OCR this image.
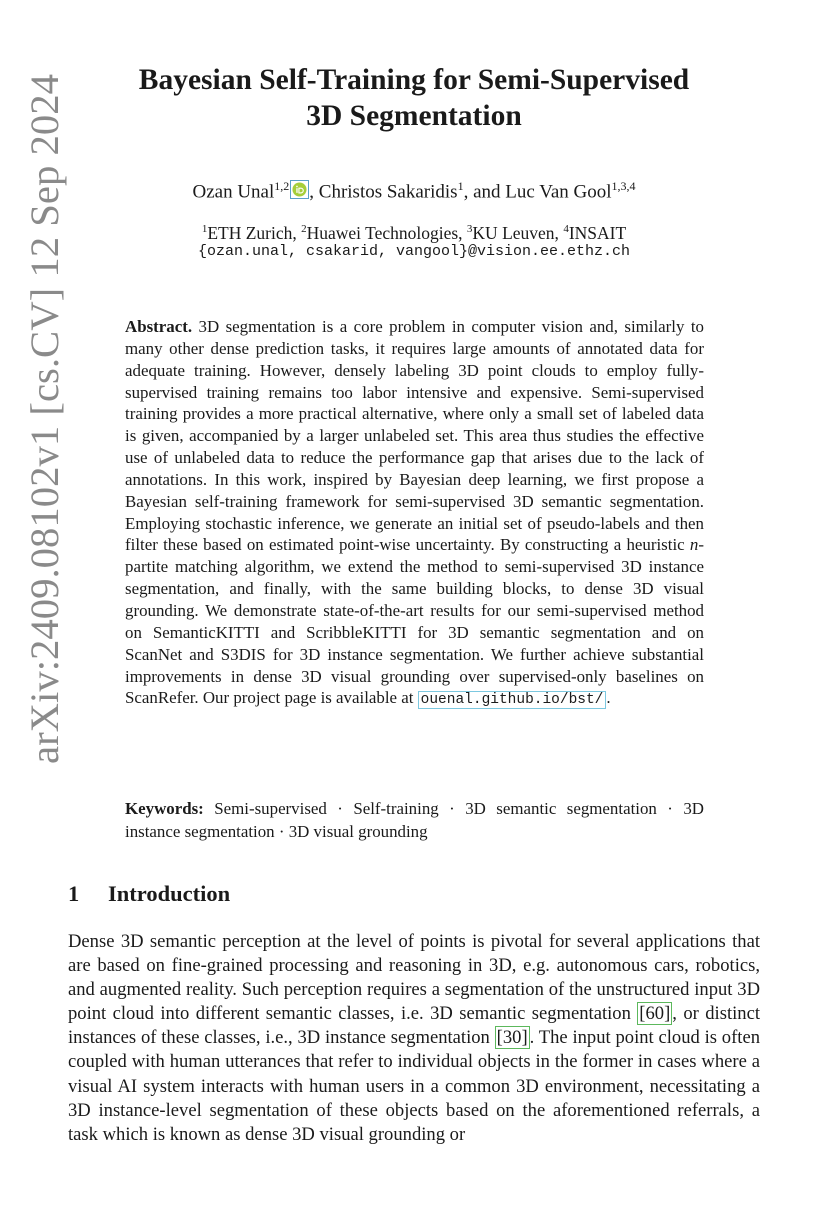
arXiv:2409.08102v1 [cs.CV] 12 Sep 2024
Bayesian Self-Training for Semi-Supervised
3D Segmentation
Ozan Unal$^{1,2}$ , Christos Sakaridis$^1$, and Luc Van Gool$^{1,3,4}$
$^1$ETH Zurich, $^2$Huawei Technologies, $^3$KU Leuven, $^4$INSAIT
{ozan.unal, csakarid, vangool}@vision.ee.ethz.ch

Abstract. 3D segmentation is a core problem in computer vision and, similarly to many other dense prediction tasks, it requires large amounts of annotated data for adequate training. However, densely labeling 3D point clouds to employ fully-supervised training remains too labor intensive and expensive. Semi-supervised training provides a more practical alternative, where only a small set of labeled data is given, accompanied by a larger unlabeled set. This area thus studies the effective use of unlabeled data to reduce the performance gap that arises due to the lack of annotations. In this work, inspired by Bayesian deep learning, we first propose a Bayesian self-training framework for semi-supervised 3D semantic segmentation. Employing stochastic inference, we generate an initial set of pseudo-labels and then filter these based on estimated point-wise uncertainty. By constructing a heuristic n-partite matching algorithm, we extend the method to semi-supervised 3D instance segmentation, and finally, with the same building blocks, to dense 3D visual grounding. We demonstrate state-of-the-art results for our semi-supervised method on SemanticKITTI and ScribbleKITTI for 3D semantic segmentation and on ScanNet and S3DIS for 3D instance segmentation. We further achieve substantial improvements in dense 3D visual grounding over supervised-only baselines on ScanRefer. Our project page is available at ouenal.github.io/bst/ .

Keywords: Semi-supervised · Self-training · 3D semantic segmentation · 3D instance segmentation · 3D visual grounding

1 Introduction

Dense 3D semantic perception at the level of points is pivotal for several applications that are based on fine-grained processing and reasoning in 3D, e.g. autonomous cars, robotics, and augmented reality. Such perception requires a segmentation of the unstructured input 3D point cloud into different semantic classes, i.e. 3D semantic segmentation [60] , or distinct instances of these classes, i.e., 3D instance segmentation [30] . The input point cloud is often coupled with human utterances that refer to individual objects in the former in cases where a visual AI system interacts with human users in a common 3D environment, necessitating a 3D instance-level segmentation of these objects based on the aforementioned referrals, a task which is known as dense 3D visual grounding or
